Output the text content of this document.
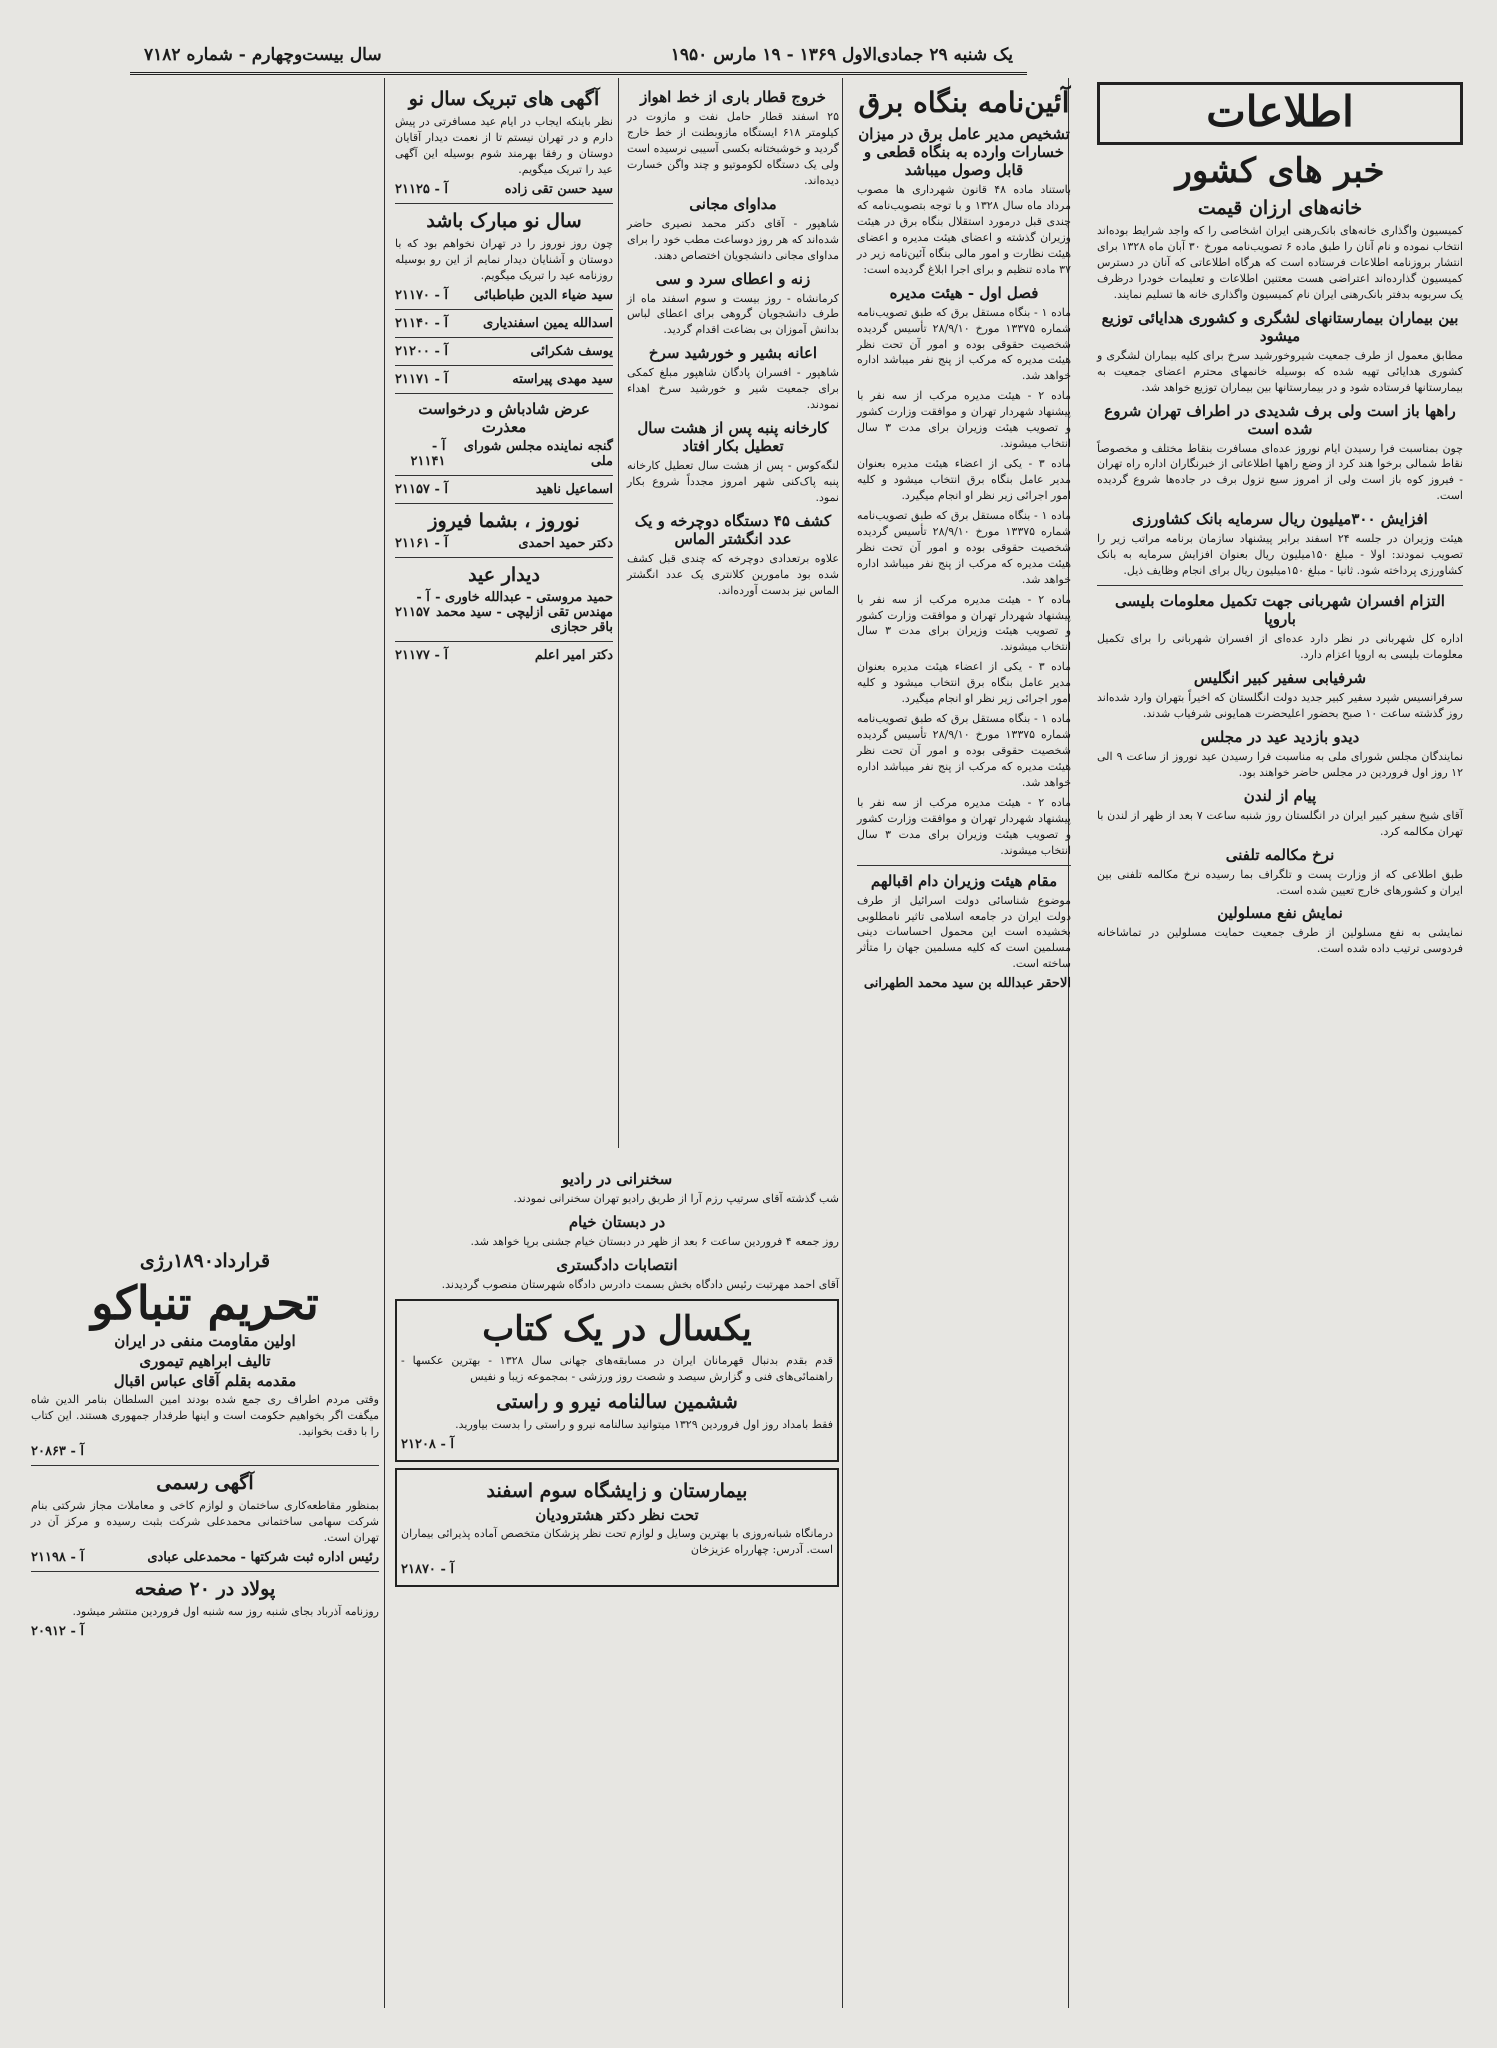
یک شنبه ۲۹ جمادی‌الاول ۱۳۶۹ - ۱۹ مارس ۱۹۵۰
سال بیست‌وچهارم - شماره ۷۱۸۲
اطلاعات
خبر های کشور
خانه‌های ارزان قیمت

کمیسیون واگذاری خانه‌های بانک‌رهنی ایران اشخاصی را که واجد شرایط بوده‌اند انتخاب نموده و نام آنان را طبق ماده ۶ تصویب‌نامه مورخ ۳۰ آبان ماه ۱۳۲۸ برای انتشار بروزنامه اطلاعات فرستاده است که هرگاه اطلاعاتی که آنان در دسترس کمیسیون گذارده‌اند اعتراضی هست معتنین اطلاعات و تعلیمات خودرا درظرف یک سربوبه بدفتر بانک‌رهنی ایران نام کمیسیون واگذاری خانه ها تسلیم نمایند.

بین بیماران بیمارستانهای لشگری و کشوری هدایائی توزیع میشود

مطابق معمول از طرف جمعیت شیروخورشید سرخ برای کلیه بیماران لشگری و کشوری هدایائی تهیه شده که بوسیله خانمهای محترم اعضای جمعیت به بیمارستانها فرستاده شود و در بیمارستانها بین بیماران توزیع خواهد شد.

راهها باز است ولی برف شدیدی در اطراف تهران شروع شده است

چون بمناسبت فرا رسیدن ایام نوروز عده‌ای مسافرت بنقاط مختلف و مخصوصاً نقاط شمالی برخوا هند کرد از وضع راهها اطلاعاتی از خبرنگاران اداره راه تهران - فیروز کوه باز است ولی از امروز سیع نزول برف در جاده‌ها شروع گردیده است.

افزایش ۳۰۰میلیون ریال سرمایه بانک کشاورزی

هیئت وزیران در جلسه ۲۴ اسفند برابر پیشنهاد سازمان برنامه مراتب زیر را تصویب نمودند: اولا - مبلغ ۱۵۰میلیون ریال بعنوان افزایش سرمایه به بانک کشاورزی پرداخته شود. ثانیا - مبلغ ۱۵۰میلیون ریال برای انجام وظایف ذیل.

التزام افسران شهربانی جهت تکمیل معلومات بلیسی باروپا

اداره کل شهربانی در نظر دارد عده‌ای از افسران شهربانی را برای تکمیل معلومات بلیسی به اروپا اعزام دارد.

شرفیابی سفیر کبیر انگلیس

سرفرانسیس شپرد سفیر کبیر جدید دولت انگلستان که اخیراً بتهران وارد شده‌اند روز گذشته ساعت ۱۰ صبح بحضور اعلیحضرت همایونی شرفیاب شدند.

دیدو بازدید عید در مجلس

نمایندگان مجلس شورای ملی به مناسبت فرا رسیدن عید نوروز از ساعت ۹ الی ۱۲ روز اول فروردین در مجلس حاضر خواهند بود.

پیام از لندن

آقای شیخ سفیر کبیر ایران در انگلستان روز شنبه ساعت ۷ بعد از ظهر از لندن با تهران مکالمه کرد.

نرخ مکالمه تلفنی

طبق اطلاعی که از وزارت پست و تلگراف بما رسیده نرخ مکالمه تلفنی بین ایران و کشورهای خارج تعیین شده است.

نمایش نفع مسلولین

نمایشی به نفع مسلولین از طرف جمعیت حمایت مسلولین در تماشاخانه فردوسی ترتیب داده شده است.

آئین‌نامه بنگاه برق
تشخیص مدیر عامل برق در میزان خسارات وارده به بنگاه قطعی و قابل وصول میباشد

باستناد ماده ۴۸ قانون شهرداری ها مصوب مرداد ماه سال ۱۳۲۸ و با توجه بتصویب‌نامه که چندی قبل درمورد استقلال بنگاه برق در هیئت وزیران گذشته و اعضای هیئت مدیره و اعضای هیئت نظارت و امور مالی بنگاه آئین‌نامه زیر در ۳۷ ماده تنظیم و برای اجرا ابلاغ گردیده است:

فصل اول - هیئت مدیره

ماده ۱ - بنگاه مستقل برق که طبق تصویب‌نامه شماره ۱۳۳۷۵ مورخ ۲۸/۹/۱۰ تأسیس گردیده شخصیت حقوقی بوده و امور آن تحت نظر هیئت مدیره که مرکب از پنج نفر میباشد اداره خواهد شد.

ماده ۲ - هیئت مدیره مرکب از سه نفر با پیشنهاد شهردار تهران و موافقت وزارت کشور و تصویب هیئت وزیران برای مدت ۳ سال انتخاب میشوند.

ماده ۳ - یکی از اعضاء هیئت مدیره بعنوان مدیر عامل بنگاه برق انتخاب میشود و کلیه امور اجرائی زیر نظر او انجام میگیرد.

ماده ۱ - بنگاه مستقل برق که طبق تصویب‌نامه شماره ۱۳۳۷۵ مورخ ۲۸/۹/۱۰ تأسیس گردیده شخصیت حقوقی بوده و امور آن تحت نظر هیئت مدیره که مرکب از پنج نفر میباشد اداره خواهد شد.

ماده ۲ - هیئت مدیره مرکب از سه نفر با پیشنهاد شهردار تهران و موافقت وزارت کشور و تصویب هیئت وزیران برای مدت ۳ سال انتخاب میشوند.

ماده ۳ - یکی از اعضاء هیئت مدیره بعنوان مدیر عامل بنگاه برق انتخاب میشود و کلیه امور اجرائی زیر نظر او انجام میگیرد.

ماده ۱ - بنگاه مستقل برق که طبق تصویب‌نامه شماره ۱۳۳۷۵ مورخ ۲۸/۹/۱۰ تأسیس گردیده شخصیت حقوقی بوده و امور آن تحت نظر هیئت مدیره که مرکب از پنج نفر میباشد اداره خواهد شد.

ماده ۲ - هیئت مدیره مرکب از سه نفر با پیشنهاد شهردار تهران و موافقت وزارت کشور و تصویب هیئت وزیران برای مدت ۳ سال انتخاب میشوند.

مقام هیئت وزیران دام اقبالهم

موضوع شناسائی دولت اسرائیل از طرف دولت ایران در جامعه اسلامی تاثیر نامطلوبی بخشیده است این محمول احساسات دینی مسلمین است که کلیه مسلمین جهان را متأثر ساخته است.

الاحقر عبدالله بن سید محمد الطهرانی
خروج قطار باری از خط اهواز

۲۵ اسفند قطار حامل نفت و مازوت در کیلومتر ۶۱۸ ایستگاه مازوبطنت از خط خارج گردید و خوشبختانه بکسی آسیبی نرسیده است ولی یک دستگاه لکوموتیو و چند واگن خسارت دیده‌اند.

مداوای مجانی

شاهپور - آقای دکتر محمد نصیری حاضر شده‌اند که هر روز دوساعت مطب خود را برای مداوای مجانی دانشجویان اختصاص دهند.

زنه و اعطای سرد و سی

کرمانشاه - روز بیست و سوم اسفند ماه از طرف دانشجویان گروهی برای اعطای لباس بدانش آموزان بی بضاعت اقدام گردید.

اعانه بشیر و خورشید سرخ

شاهپور - افسران پادگان شاهپور مبلغ کمکی برای جمعیت شیر و خورشید سرخ اهداء نمودند.

کارخانه پنبه پس از هشت سال تعطیل بکار افتاد

لنگه‌کوس - پس از هشت سال تعطیل کارخانه پنبه پاک‌کنی شهر امروز مجدداً شروع بکار نمود.

کشف ۴۵ دستگاه دوچرخه و یک عدد انگشتر الماس

علاوه برتعدادی دوچرخه که چندی قبل کشف شده بود مامورین کلانتری یک عدد انگشتر الماس نیز بدست آورده‌اند.

آگهی های تبریک سال نو

نظر باینکه ایجاب در ایام عید مسافرتی در پیش دارم و در تهران نیستم تا از نعمت دیدار آقایان دوستان و رفقا بهرمند شوم بوسیله این آگهی عید را تبریک میگویم.

سید حسن تقی زاده
آ - ۲۱۱۲۵
سال نو مبارک باشد

چون روز نوروز را در تهران نخواهم بود که با دوستان و آشنایان دیدار نمایم از این رو بوسیله روزنامه عید را تبریک میگویم.

سید ضیاء الدین طباطبائی
آ - ۲۱۱۷۰
اسدالله یمین اسفندیاری
آ - ۲۱۱۴۰
یوسف شکرائی
آ - ۲۱۲۰۰
سید مهدی پیراسته
آ - ۲۱۱۷۱
عرض شادباش و درخواست معذرت
گنجه نماینده مجلس شورای ملی
آ - ۲۱۱۴۱
اسماعیل ناهید
آ - ۲۱۱۵۷
نوروز ، بشما فیروز
دکتر حمید احمدی
آ - ۲۱۱۶۱
دیدار عید
حمید مروستی - عبدالله خاوری - مهندس تقی ازلیچی - سید محمد باقر حجازی
آ - ۲۱۱۵۷
دکتر امیر اعلم
آ - ۲۱۱۷۷
قرارداد۱۸۹۰رژی
تحریم تنباکو
اولین مقاومت منفی در ایران
تالیف ابراهیم تیموری
مقدمه بقلم آقای عباس اقبال

وقتی مردم اطراف ری جمع شده بودند امین السلطان بنامر الدین شاه میگفت اگر بخواهیم حکومت است و اینها طرفدار جمهوری هستند. این کتاب را با دقت بخوانید.

آ - ۲۰۸۶۳
آگهی رسمی

بمنظور مقاطعه‌کاری ساختمان و لوازم کاخی و معاملات مجاز شرکتی بنام شرکت سهامی ساختمانی محمدعلی شرکت بثبت رسیده و مرکز آن در تهران است.

رئیس اداره ثبت شرکتها - محمدعلی عبادی
آ - ۲۱۱۹۸
پولاد در ۲۰ صفحه

روزنامه آذرباد بجای شنبه روز سه شنبه اول فروردین منتشر میشود.

آ - ۲۰۹۱۲
سخنرانی در رادیو

شب گذشته آقای سرتیپ رزم آرا از طریق رادیو تهران سخنرانی نمودند.

در دبستان خیام

روز جمعه ۴ فروردین ساعت ۶ بعد از ظهر در دبستان خیام جشنی برپا خواهد شد.

انتصابات دادگستری

آقای احمد مهرتبت رئیس دادگاه بخش بسمت دادرس دادگاه شهرستان منصوب گردیدند.

یکسال در یک کتاب

قدم بقدم بدنبال قهرمانان ایران در مسابقه‌های جهانی سال ۱۳۲۸ - بهترین عکسها - راهنمائی‌های فنی و گزارش سیصد و شصت روز ورزشی - بمجموعه زیبا و نفیس

ششمین سالنامه نیرو و راستی

فقط بامداد روز اول فروردین ۱۳۲۹ میتوانید سالنامه نیرو و راستی را بدست بیاورید.

آ - ۲۱۲۰۸
بیمارستان و زایشگاه سوم اسفند
تحت نظر دکتر هشترودیان

درمانگاه شبانه‌روزی با بهترین وسایل و لوازم تحت نظر پزشکان متخصص آماده پذیرائی بیماران است. آدرس: چهارراه عزیزخان

آ - ۲۱۸۷۰
